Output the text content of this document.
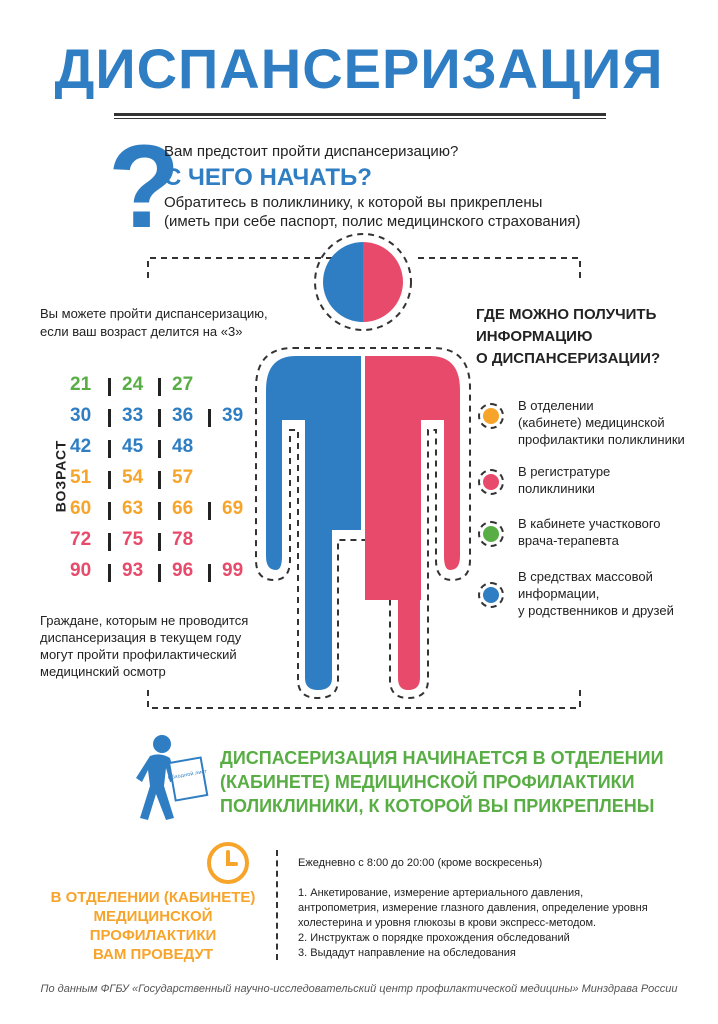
ДИСПАНСЕРИЗАЦИЯ
?
Вам предстоит пройти диспансеризацию?
С ЧЕГО НАЧАТЬ?
Обратитесь в поликлинику, к которой вы прикреплены
(иметь при себе паспорт, полис медицинского страхования)
Вы можете пройти диспансеризацию,
если ваш возраст делится на «3»
ВОЗРАСТ
21 24 27
30 33 36 39
42 45 48
51 54 57
60 63 66 69
72 75 78
90 93 96 99
Граждане, которым не проводится
диспансеризация в текущем году
могут пройти профилактический
медицинский осмотр
ГДЕ МОЖНО ПОЛУЧИТЬ
ИНФОРМАЦИЮ
О ДИСПАНСЕРИЗАЦИИ?
В отделении
(кабинете) медицинской
профилактики поликлиники
В регистратуре
поликлиники
В кабинете участкового
врача-терапевта
В средствах массовой
информации,
у родственников и друзей
Обходной лист
ДИСПАСЕРИЗАЦИЯ НАЧИНАЕТСЯ В ОТДЕЛЕНИИ
(КАБИНЕТЕ) МЕДИЦИНСКОЙ ПРОФИЛАКТИКИ
ПОЛИКЛИНИКИ, К КОТОРОЙ ВЫ ПРИКРЕПЛЕНЫ
В ОТДЕЛЕНИИ (КАБИНЕТЕ)
МЕДИЦИНСКОЙ
ПРОФИЛАКТИКИ
ВАМ ПРОВЕДУТ
Ежедневно с 8:00 до 20:00 (кроме воскресенья)
1. Анкетирование, измерение артериального давления,
антропометрия, измерение глазного давления, определение уровня
холестерина и уровня глюкозы в крови экспресс-методом.
2. Инструктаж о порядке прохождения обследований
3. Выдадут направление на обследования
По данным ФГБУ «Государственный научно-исследовательский центр профилактической медицины» Минздрава России
